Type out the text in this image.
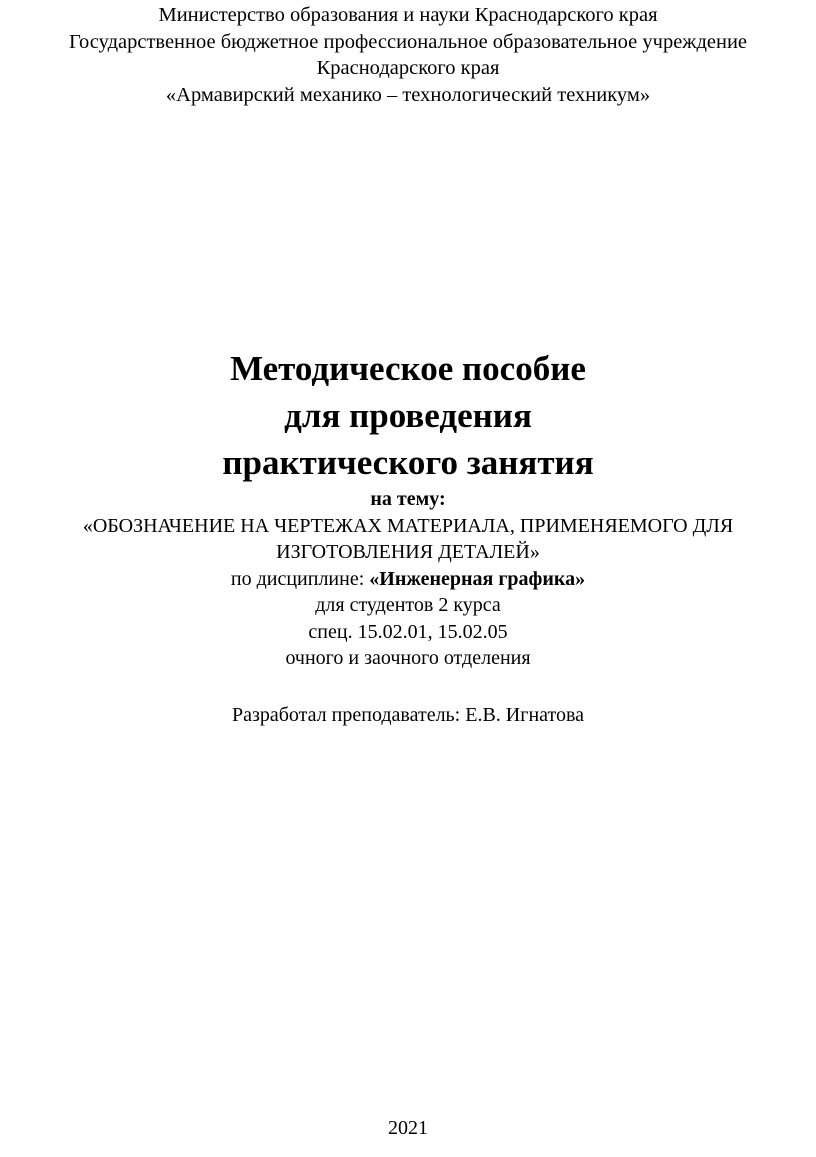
Министерство образования и науки Краснодарского края
Государственное бюджетное профессиональное образовательное учреждение
Краснодарского края
«Армавирский механико – технологический техникум»
Методическое пособие
для проведения
практического занятия
на тему:
«ОБОЗНАЧЕНИЕ НА ЧЕРТЕЖАХ МАТЕРИАЛА, ПРИМЕНЯЕМОГО ДЛЯ
ИЗГОТОВЛЕНИЯ ДЕТАЛЕЙ»
по дисциплине: «Инженерная графика»
для студентов 2 курса
спец. 15.02.01, 15.02.05
очного и заочного отделения
Разработал преподаватель: Е.В. Игнатова
2021
